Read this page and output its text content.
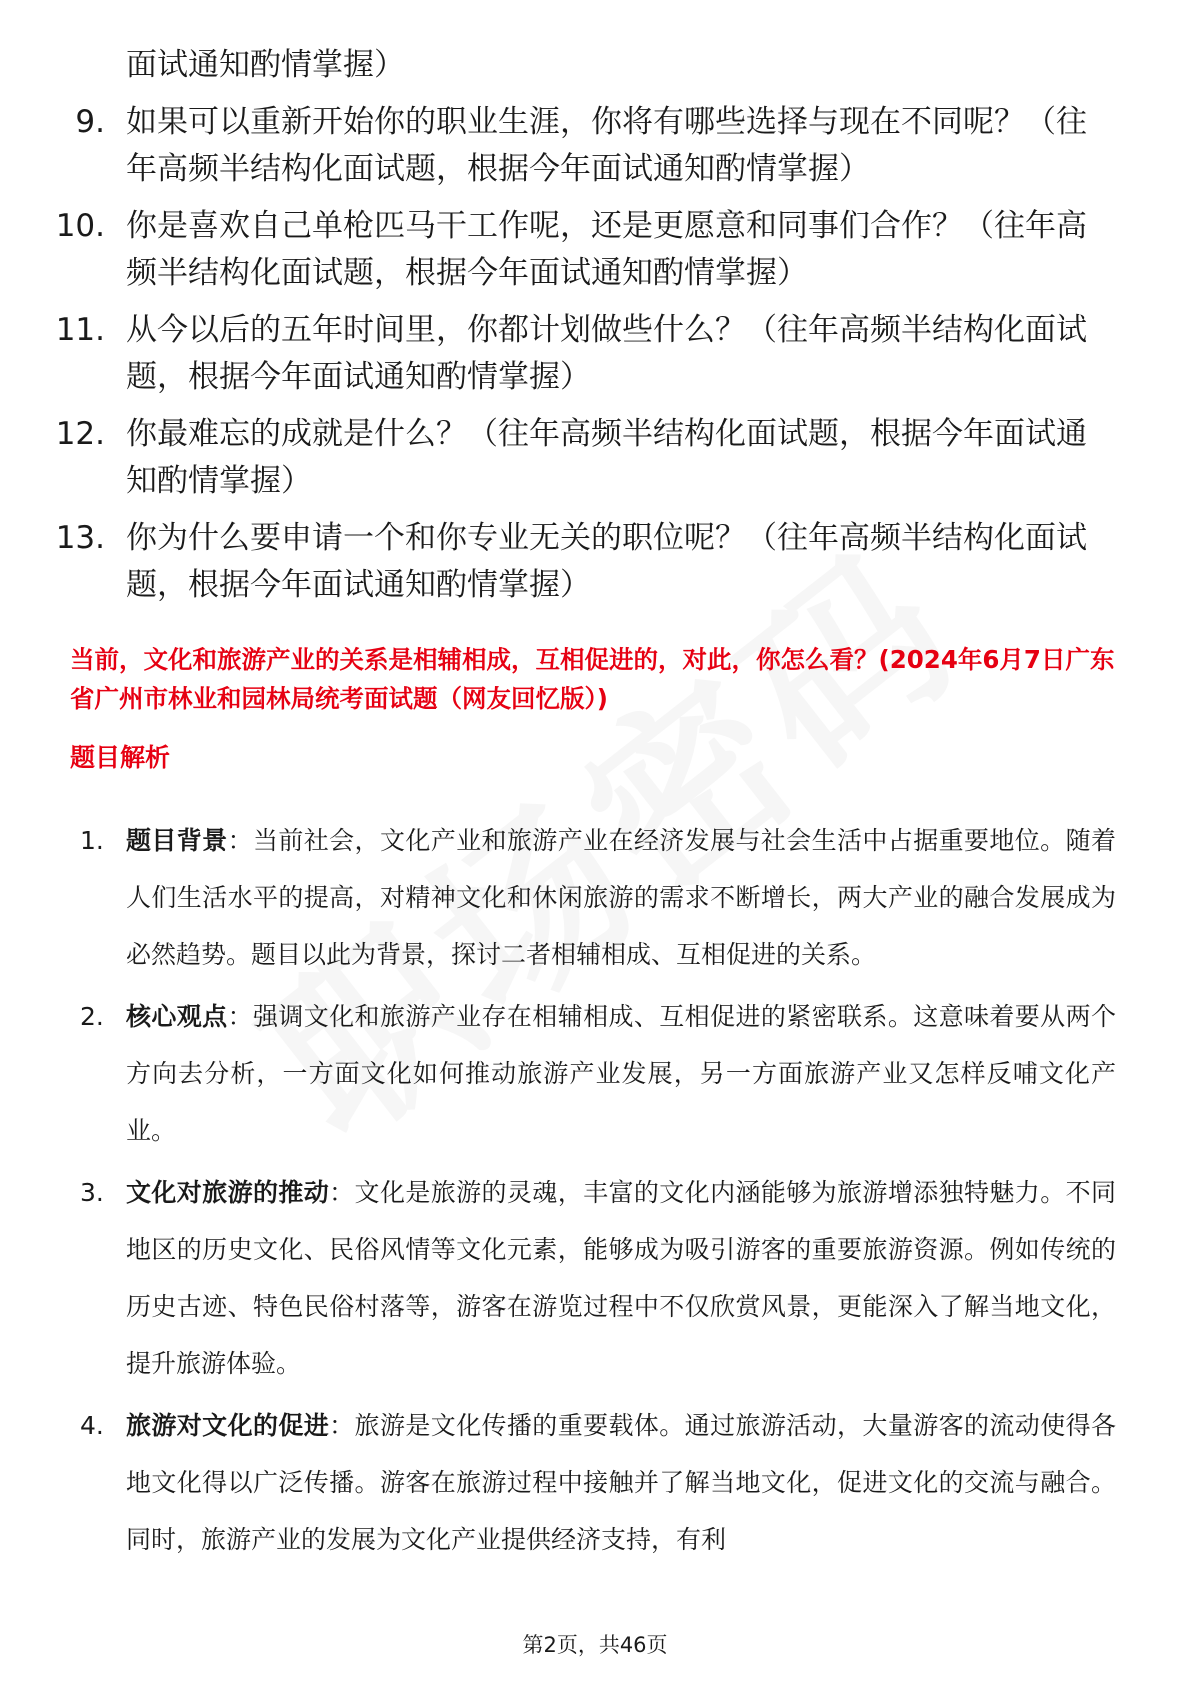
面试通知酌情掌握）
9. 如果可以重新开始你的职业生涯，你将有哪些选择与现在不同呢？（往年高频半结构化面试题，根据今年面试通知酌情掌握）
10. 你是喜欢自己单枪匹马干工作呢，还是更愿意和同事们合作？（往年高频半结构化面试题，根据今年面试通知酌情掌握）
11. 从今以后的五年时间里，你都计划做些什么？（往年高频半结构化面试题，根据今年面试通知酌情掌握）
12. 你最难忘的成就是什么？（往年高频半结构化面试题，根据今年面试通知酌情掌握）
13. 你为什么要申请一个和你专业无关的职位呢？（往年高频半结构化面试题，根据今年面试通知酌情掌握）
当前，文化和旅游产业的关系是相辅相成，互相促进的，对此，你怎么看？(2024年6月7日广东省广州市林业和园林局统考面试题（网友回忆版）)
题目解析
1. 题目背景：当前社会，文化产业和旅游产业在经济发展与社会生活中占据重要地位。随着人们生活水平的提高，对精神文化和休闲旅游的需求不断增长，两大产业的融合发展成为必然趋势。题目以此为背景，探讨二者相辅相成、互相促进的关系。
2. 核心观点：强调文化和旅游产业存在相辅相成、互相促进的紧密联系。这意味着要从两个方向去分析，一方面文化如何推动旅游产业发展，另一方面旅游产业又怎样反哺文化产业。
3. 文化对旅游的推动：文化是旅游的灵魂，丰富的文化内涵能够为旅游增添独特魅力。不同地区的历史文化、民俗风情等文化元素，能够成为吸引游客的重要旅游资源。例如传统的历史古迹、特色民俗村落等，游客在游览过程中不仅欣赏风景，更能深入了解当地文化，提升旅游体验。
4. 旅游对文化的促进：旅游是文化传播的重要载体。通过旅游活动，大量游客的流动使得各地文化得以广泛传播。游客在旅游过程中接触并了解当地文化，促进文化的交流与融合。同时，旅游产业的发展为文化产业提供经济支持，有利
第2页，共46页
